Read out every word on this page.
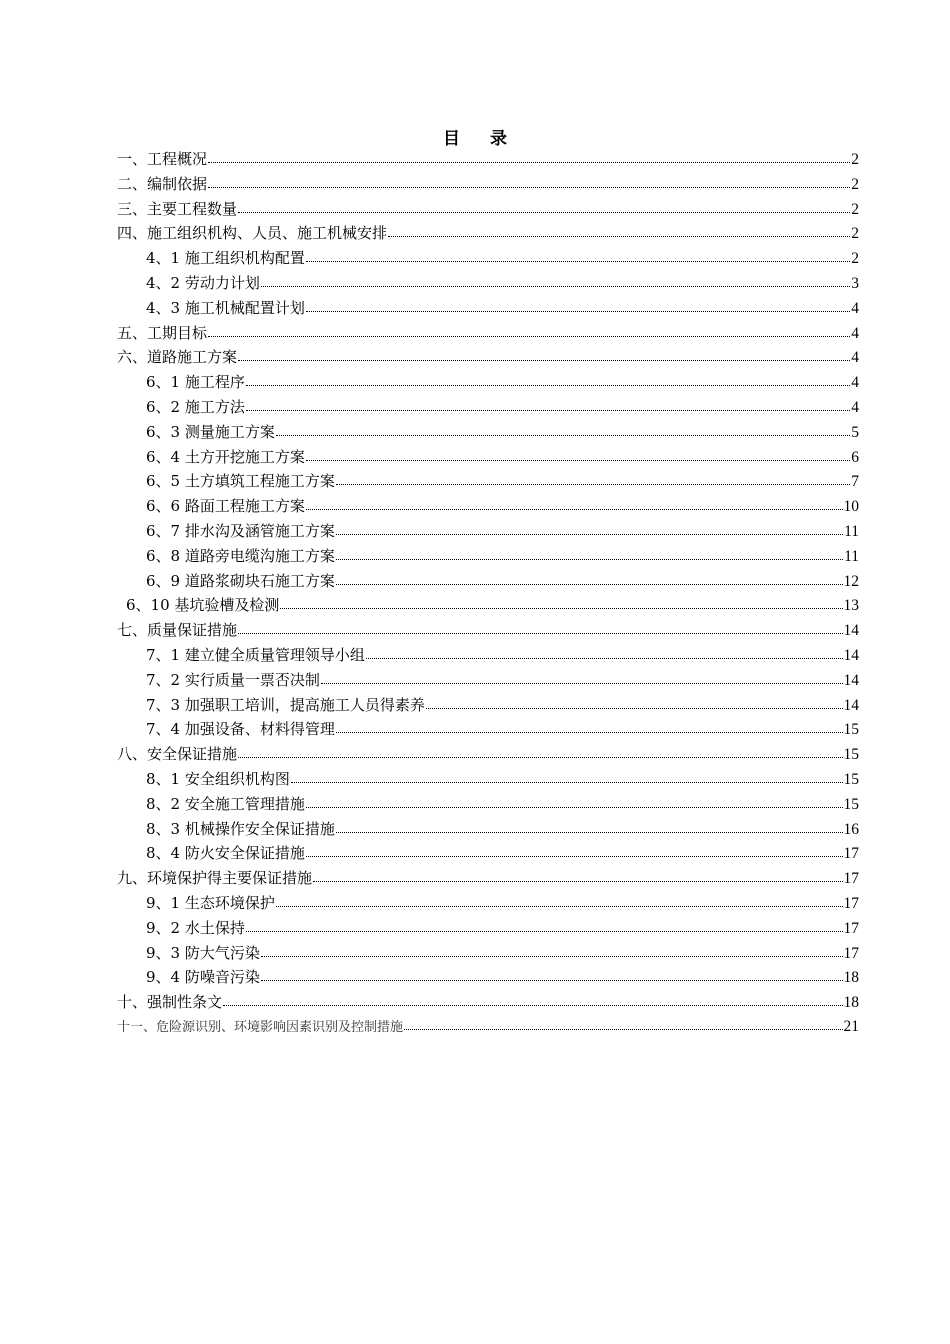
目 录
一、工程概况	2
二、编制依据	2
三、主要工程数量	2
四、施工组织机构、人员、施工机械安排	2
4、1 施工组织机构配置	2
4、2 劳动力计划	3
4、3 施工机械配置计划	4
五、工期目标	4
六、道路施工方案	4
6、1 施工程序	4
6、2 施工方法	4
6、3 测量施工方案	5
6、4 土方开挖施工方案	6
6、5 土方填筑工程施工方案	7
6、6 路面工程施工方案	10
6、7 排水沟及涵管施工方案	11
6、8 道路旁电缆沟施工方案	11
6、9 道路浆砌块石施工方案	12
6、10 基坑验槽及检测	13
七、质量保证措施	14
7、1 建立健全质量管理领导小组	14
7、2 实行质量一票否决制	14
7、3 加强职工培训，提高施工人员得素养	14
7、4 加强设备、材料得管理	15
八、安全保证措施	15
8、1 安全组织机构图	15
8、2 安全施工管理措施	15
8、3 机械操作安全保证措施	16
8、4 防火安全保证措施	17
九、环境保护得主要保证措施	17
9、1 生态环境保护	17
9、2 水土保持	17
9、3 防大气污染	17
9、4 防噪音污染	18
十、强制性条文	18
十一、危险源识别、环境影响因素识别及控制措施	21
